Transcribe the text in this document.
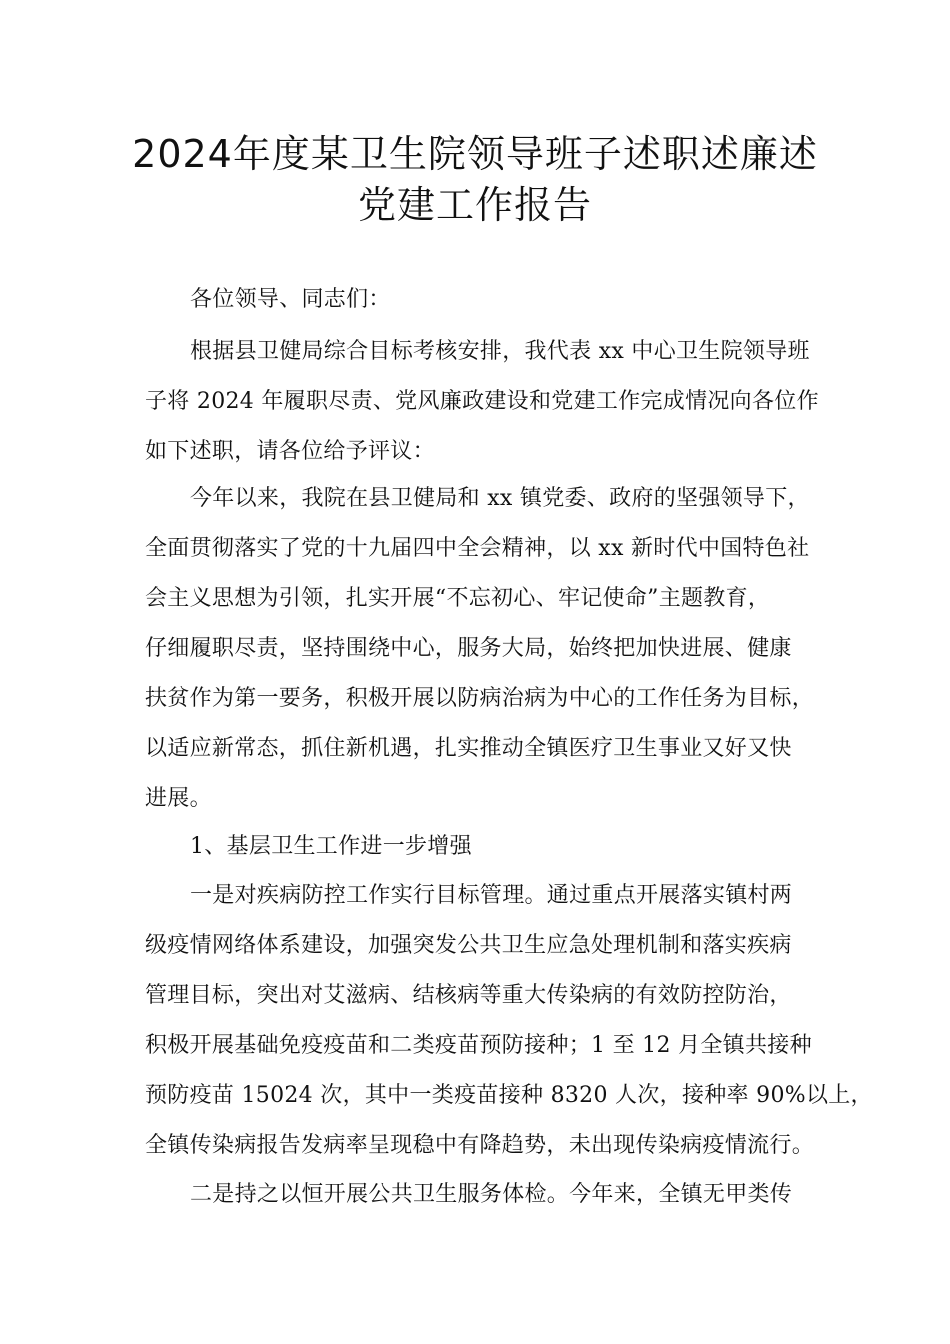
2024年度某卫生院领导班子述职述廉述
党建工作报告

各位领导、同志们：

根据县卫健局综合目标考核安排，我代表 xx 中心卫生院领导班
子将 2024 年履职尽责、党风廉政建设和党建工作完成情况向各位作
如下述职，请各位给予评议：
今年以来，我院在县卫健局和 xx 镇党委、政府的坚强领导下，
全面贯彻落实了党的十九届四中全会精神，以 xx 新时代中国特色社
会主义思想为引领，扎实开展“不忘初心、牢记使命”主题教育，
仔细履职尽责，坚持围绕中心，服务大局，始终把加快进展、健康
扶贫作为第一要务，积极开展以防病治病为中心的工作任务为目标，
以适应新常态，抓住新机遇，扎实推动全镇医疗卫生事业又好又快
进展。

1、基层卫生工作进一步增强

一是对疾病防控工作实行目标管理。通过重点开展落实镇村两
级疫情网络体系建设，加强突发公共卫生应急处理机制和落实疾病
管理目标，突出对艾滋病、结核病等重大传染病的有效防控防治，
积极开展基础免疫疫苗和二类疫苗预防接种；1 至 12 月全镇共接种
预防疫苗 15024 次，其中一类疫苗接种 8320 人次，接种率 90%以上，
全镇传染病报告发病率呈现稳中有降趋势，未出现传染病疫情流行。
二是持之以恒开展公共卫生服务体检。今年来，全镇无甲类传
